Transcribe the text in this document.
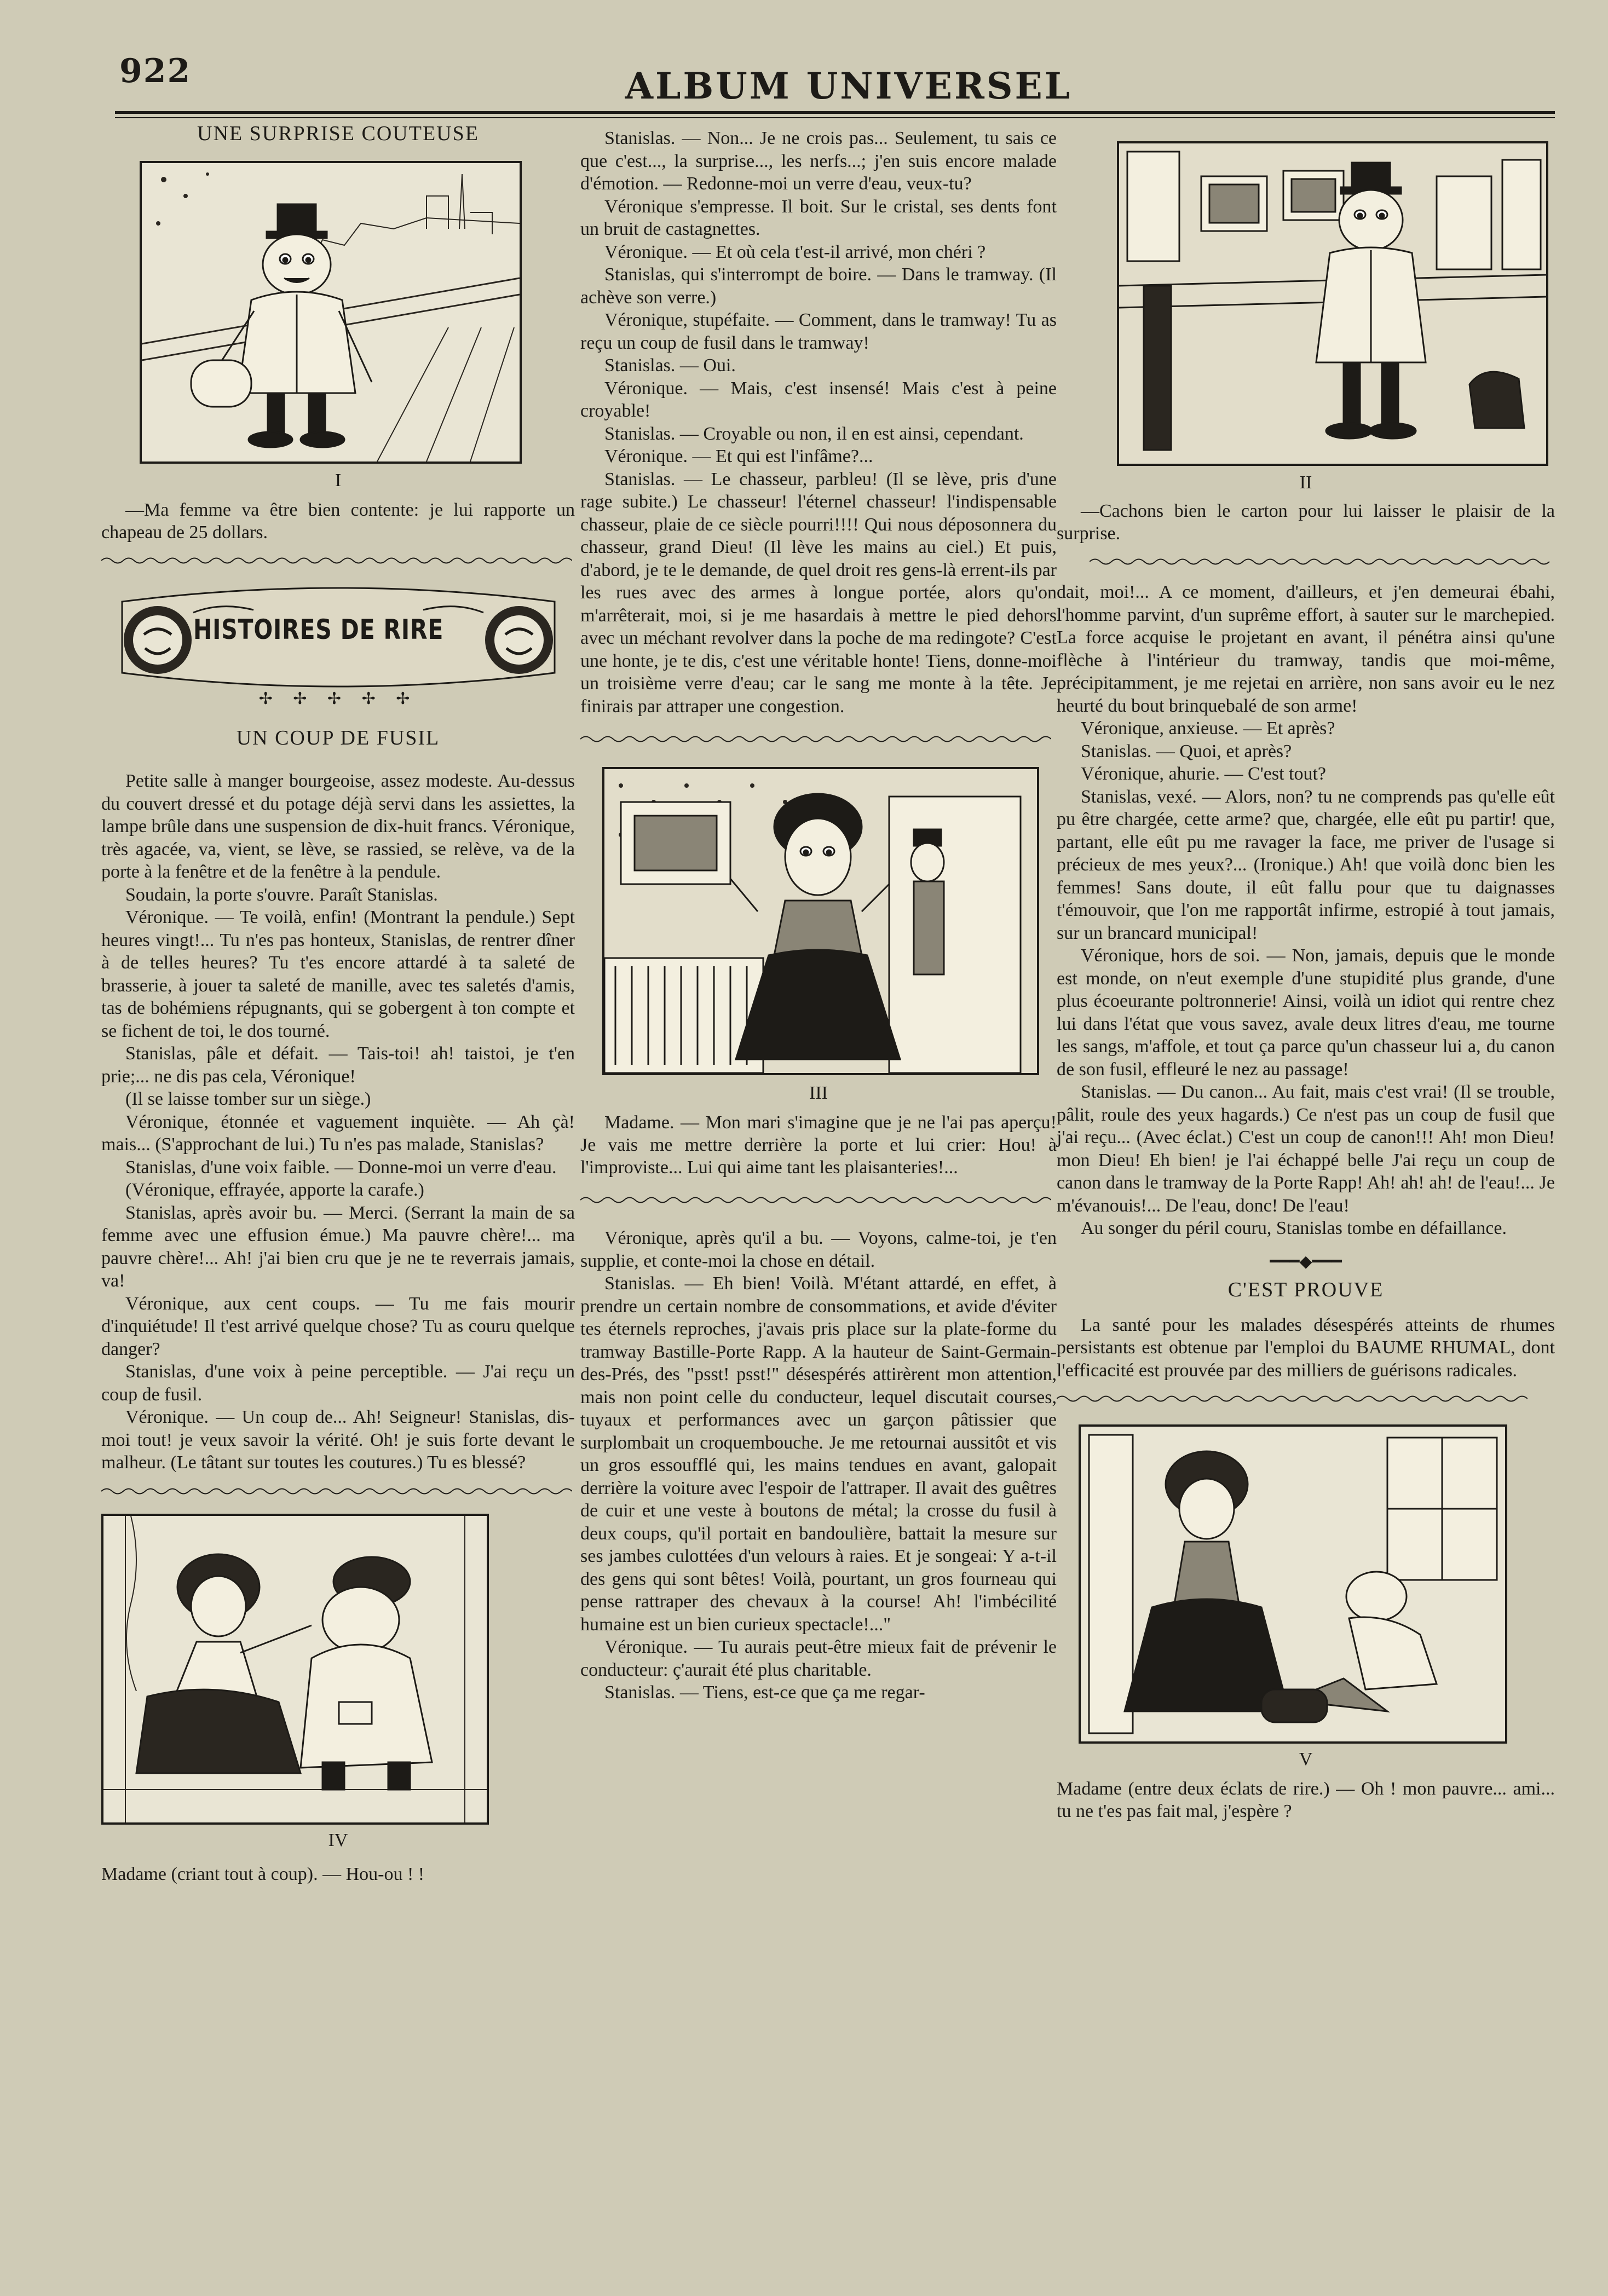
922	ALBUM UNIVERSEL

UNE SURPRISE COUTEUSE

I

—Ma femme va être bien contente: je lui rapporte un chapeau de 25 dollars.

HISTOIRES DE RIRE

✢ ✢ ✢ ✢ ✢

UN COUP DE FUSIL

Petite salle à manger bourgeoise, assez modeste. Au-dessus du couvert dressé et du potage déjà servi dans les assiettes, la lampe brûle dans une suspension de dix-huit francs. Véronique, très agacée, va, vient, se lève, se rassied, se relève, va de la porte à la fenêtre et de la fenêtre à la pendule.

Soudain, la porte s'ouvre. Paraît Stanislas.

Véronique. — Te voilà, enfin! (Montrant la pendule.) Sept heures vingt!... Tu n'es pas honteux, Stanislas, de rentrer dîner à de telles heures? Tu t'es encore attardé à ta saleté de brasserie, à jouer ta saleté de manille, avec tes saletés d'amis, tas de bohémiens répugnants, qui se gobergent à ton compte et se fichent de toi, le dos tourné.

Stanislas, pâle et défait. — Tais-toi! ah! taistoi, je t'en prie;... ne dis pas cela, Véronique!

(Il se laisse tomber sur un siège.)

Véronique, étonnée et vaguement inquiète. — Ah çà! mais... (S'approchant de lui.) Tu n'es pas malade, Stanislas?

Stanislas, d'une voix faible. — Donne-moi un verre d'eau.

(Véronique, effrayée, apporte la carafe.)

Stanislas, après avoir bu. — Merci. (Serrant la main de sa femme avec une effusion émue.) Ma pauvre chère!... ma pauvre chère!... Ah! j'ai bien cru que je ne te reverrais jamais, va!

Véronique, aux cent coups. — Tu me fais mourir d'inquiétude! Il t'est arrivé quelque chose? Tu as couru quelque danger?

Stanislas, d'une voix à peine perceptible. — J'ai reçu un coup de fusil.

Véronique. — Un coup de... Ah! Seigneur! Stanislas, dis-moi tout! je veux savoir la vérité. Oh! je suis forte devant le malheur. (Le tâtant sur toutes les coutures.) Tu es blessé?

IV

Madame (criant tout à coup). — Hou-ou ! !

Stanislas. — Non... Je ne crois pas... Seulement, tu sais ce que c'est..., la surprise..., les nerfs...; j'en suis encore malade d'émotion. — Redonne-moi un verre d'eau, veux-tu?

Véronique s'empresse. Il boit. Sur le cristal, ses dents font un bruit de castagnettes.

Véronique. — Et où cela t'est-il arrivé, mon chéri ?

Stanislas, qui s'interrompt de boire. — Dans le tramway. (Il achève son verre.)

Véronique, stupéfaite. — Comment, dans le tramway! Tu as reçu un coup de fusil dans le tramway!

Stanislas. — Oui.

Véronique. — Mais, c'est insensé! Mais c'est à peine croyable!

Stanislas. — Croyable ou non, il en est ainsi, cependant.

Véronique. — Et qui est l'infâme?...

Stanislas. — Le chasseur, parbleu! (Il se lève, pris d'une rage subite.) Le chasseur! l'éternel chasseur! l'indispensable chasseur, plaie de ce siècle pourri!!!! Qui nous déposonnera du chasseur, grand Dieu! (Il lève les mains au ciel.) Et puis, d'abord, je te le demande, de quel droit res gens-là errent-ils par les rues avec des armes à longue portée, alors qu'on m'arrêterait, moi, si je me hasardais à mettre le pied dehors avec un méchant revolver dans la poche de ma redingote? C'est une honte, je te dis, c'est une véritable honte! Tiens, donne-moi un troisième verre d'eau; car le sang me monte à la tête. Je finirais par attraper une congestion.

III

Madame. — Mon mari s'imagine que je ne l'ai pas aperçu! Je vais me mettre derrière la porte et lui crier: Hou! à l'improviste... Lui qui aime tant les plaisanteries!...

Véronique, après qu'il a bu. — Voyons, calme-toi, je t'en supplie, et conte-moi la chose en détail.

Stanislas. — Eh bien! Voilà. M'étant attardé, en effet, à prendre un certain nombre de consommations, et avide d'éviter tes éternels reproches, j'avais pris place sur la plate-forme du tramway Bastille-Porte Rapp. A la hauteur de Saint-Germain-des-Prés, des "psst! psst!" désespérés attirèrent mon attention, mais non point celle du conducteur, lequel discutait courses, tuyaux et performances avec un garçon pâtissier que surplombait un croquembouche. Je me retournai aussitôt et vis un gros essoufflé qui, les mains tendues en avant, galopait derrière la voiture avec l'espoir de l'attraper. Il avait des guêtres de cuir et une veste à boutons de métal; la crosse du fusil à deux coups, qu'il portait en bandoulière, battait la mesure sur ses jambes culottées d'un velours à raies. Et je songeai: Y a-t-il des gens qui sont bêtes! Voilà, pourtant, un gros fourneau qui pense rattraper des chevaux à la course! Ah! l'imbécilité humaine est un bien curieux spectacle!..."

Véronique. — Tu aurais peut-être mieux fait de prévenir le conducteur: ç'aurait été plus charitable.

Stanislas. — Tiens, est-ce que ça me regar-

II

—Cachons bien le carton pour lui laisser le plaisir de la surprise.

dait, moi!... A ce moment, d'ailleurs, et j'en demeurai ébahi, l'homme parvint, d'un suprême effort, à sauter sur le marchepied. La force acquise le projetant en avant, il pénétra ainsi qu'une flèche à l'intérieur du tramway, tandis que moi-même, précipitamment, je me rejetai en arrière, non sans avoir eu le nez heurté du bout brinquebalé de son arme!

Véronique, anxieuse. — Et après?

Stanislas. — Quoi, et après?

Véronique, ahurie. — C'est tout?

Stanislas, vexé. — Alors, non? tu ne comprends pas qu'elle eût pu être chargée, cette arme? que, chargée, elle eût pu partir! que, partant, elle eût pu me ravager la face, me priver de l'usage si précieux de mes yeux?... (Ironique.) Ah! que voilà donc bien les femmes! Sans doute, il eût fallu pour que tu daignasses t'émouvoir, que l'on me rapportât infirme, estropié à tout jamais, sur un brancard municipal!

Véronique, hors de soi. — Non, jamais, depuis que le monde est monde, on n'eut exemple d'une stupidité plus grande, d'une plus écoeurante poltronnerie! Ainsi, voilà un idiot qui rentre chez lui dans l'état que vous savez, avale deux litres d'eau, me tourne les sangs, m'affole, et tout ça parce qu'un chasseur lui a, du canon de son fusil, effleuré le nez au passage!

Stanislas. — Du canon... Au fait, mais c'est vrai! (Il se trouble, pâlit, roule des yeux hagards.) Ce n'est pas un coup de fusil que j'ai reçu... (Avec éclat.) C'est un coup de canon!!! Ah! mon Dieu! mon Dieu! Eh bien! je l'ai échappé belle J'ai reçu un coup de canon dans le tramway de la Porte Rapp! Ah! ah! ah! de l'eau!... Je m'évanouis!... De l'eau, donc! De l'eau!

Au songer du péril couru, Stanislas tombe en défaillance.

━━━◆━━━

C'EST PROUVE

La santé pour les malades désespérés atteints de rhumes persistants est obtenue par l'emploi du BAUME RHUMAL, dont l'efficacité est prouvée par des milliers de guérisons radicales.

V

Madame (entre deux éclats de rire.) — Oh ! mon pauvre... ami... tu ne t'es pas fait mal, j'espère ?
